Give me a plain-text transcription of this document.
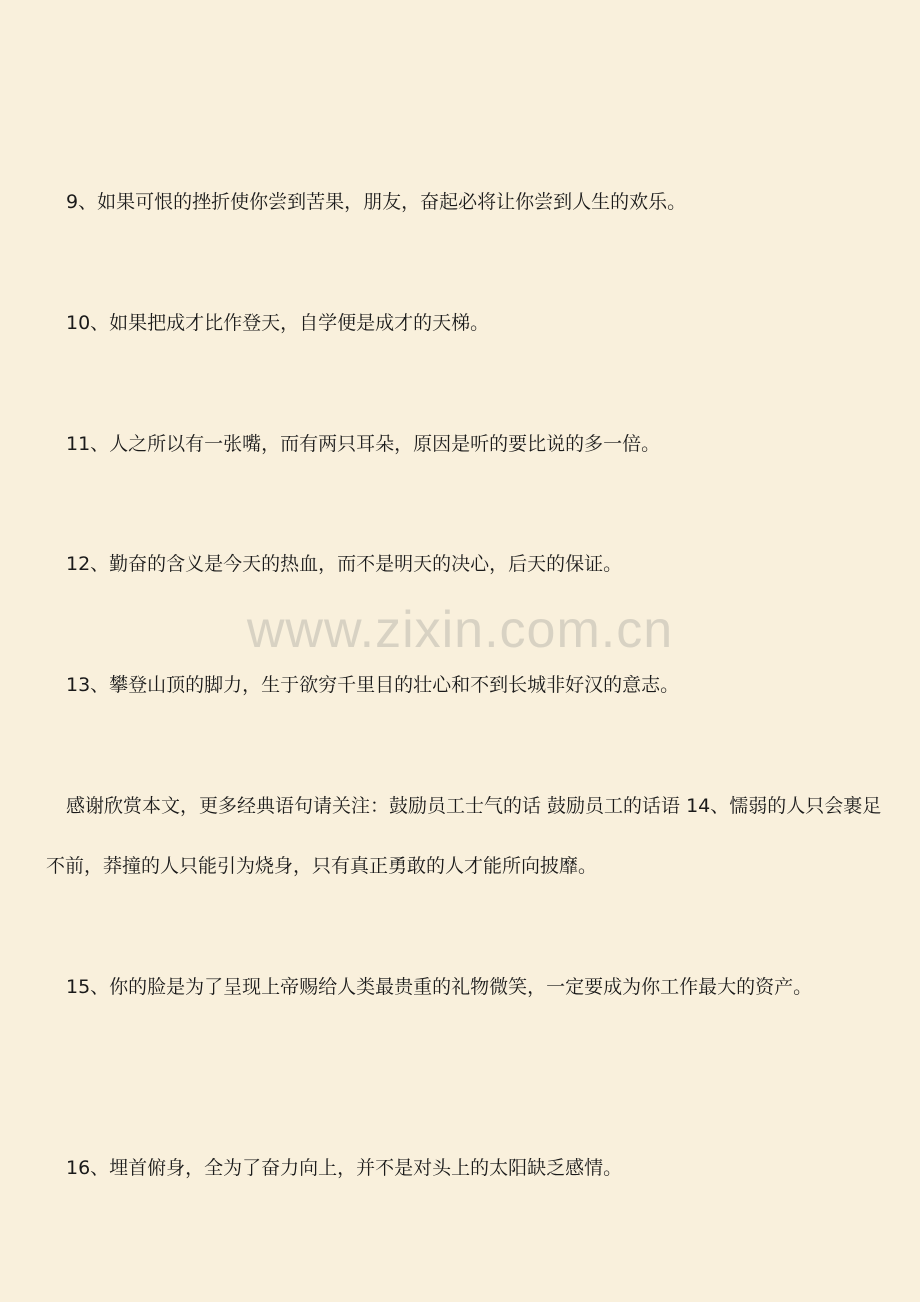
9、如果可恨的挫折使你尝到苦果，朋友，奋起必将让你尝到人生的欢乐。

10、如果把成才比作登天，自学便是成才的天梯。

11、人之所以有一张嘴，而有两只耳朵，原因是听的要比说的多一倍。

12、勤奋的含义是今天的热血，而不是明天的决心，后天的保证。

13、攀登山顶的脚力，生于欲穷千里目的壮心和不到长城非好汉的意志。

感谢欣赏本文，更多经典语句请关注：鼓励员工士气的话 鼓励员工的话语 14、懦弱的人只会裹足不前，莽撞的人只能引为烧身，只有真正勇敢的人才能所向披靡。

15、你的脸是为了呈现上帝赐给人类最贵重的礼物微笑，一定要成为你工作最大的资产。

16、埋首俯身，全为了奋力向上，并不是对头上的太阳缺乏感情。

www.zixin.com.cn
